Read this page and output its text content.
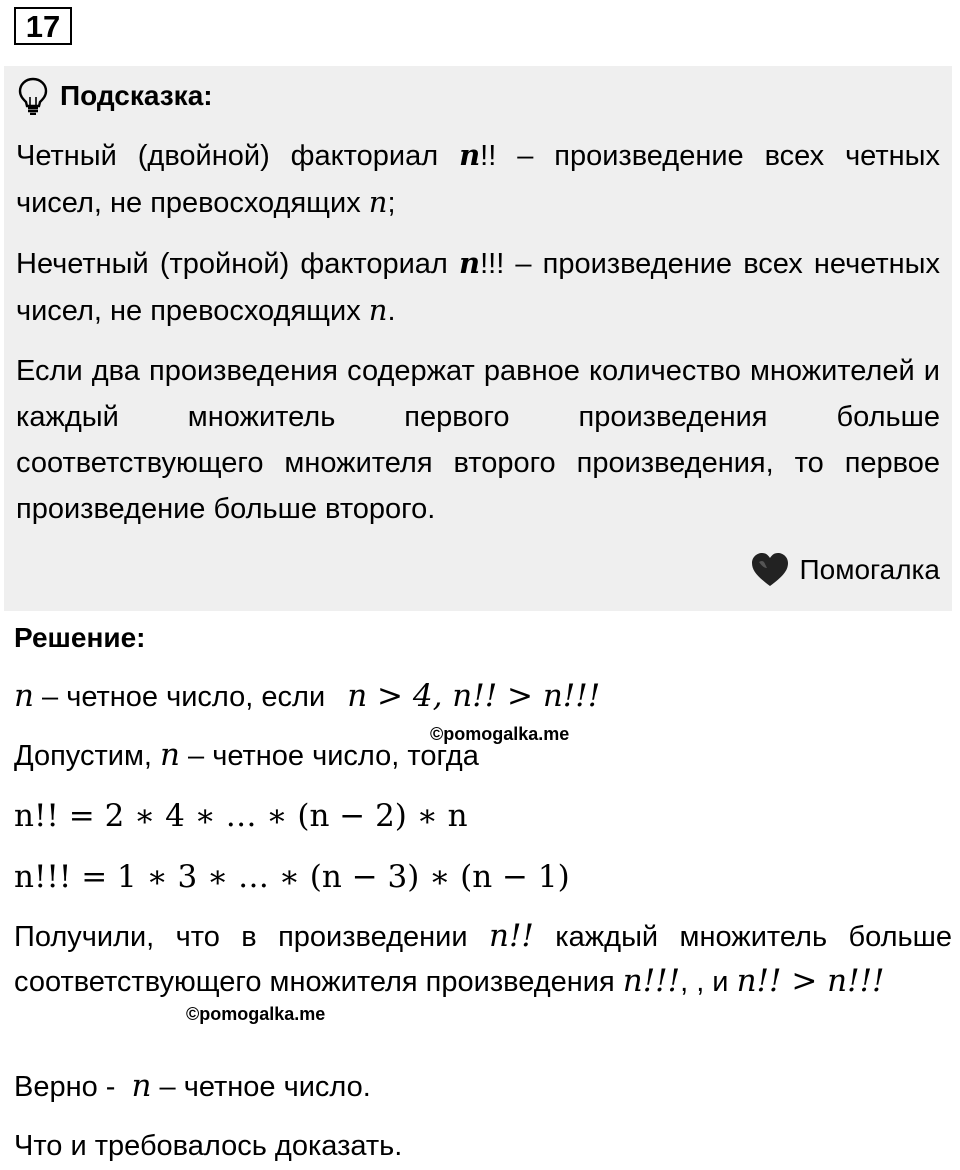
17
Подсказка:
Четный (двойной) факториал n!! – произведение всех четных чисел, не превосходящих n;
Нечетный (тройной) факториал n!!! – произведение всех нечетных чисел, не превосходящих n.
Если два произведения содержат равное количество множителей и каждый множитель первого произведения больше соответствующего множителя второго произведения, то первое произведение больше второго.
Помогалка
Решение:
n – четное число, если n > 4, n!! > n!!!
Допустим, n – четное число, тогда
n!! = 2 ∗ 4 ∗ … ∗ (n − 2) ∗ n
n!!! = 1 ∗ 3 ∗ … ∗ (n − 3) ∗ (n − 1)
Получили, что в произведении n!! каждый множитель больше соответствующего множителя произведения n!!!, , и n!! > n!!!
Верно - n – четное число.
Что и требовалось доказать.
©pomogalka.me
©pomogalka.me
